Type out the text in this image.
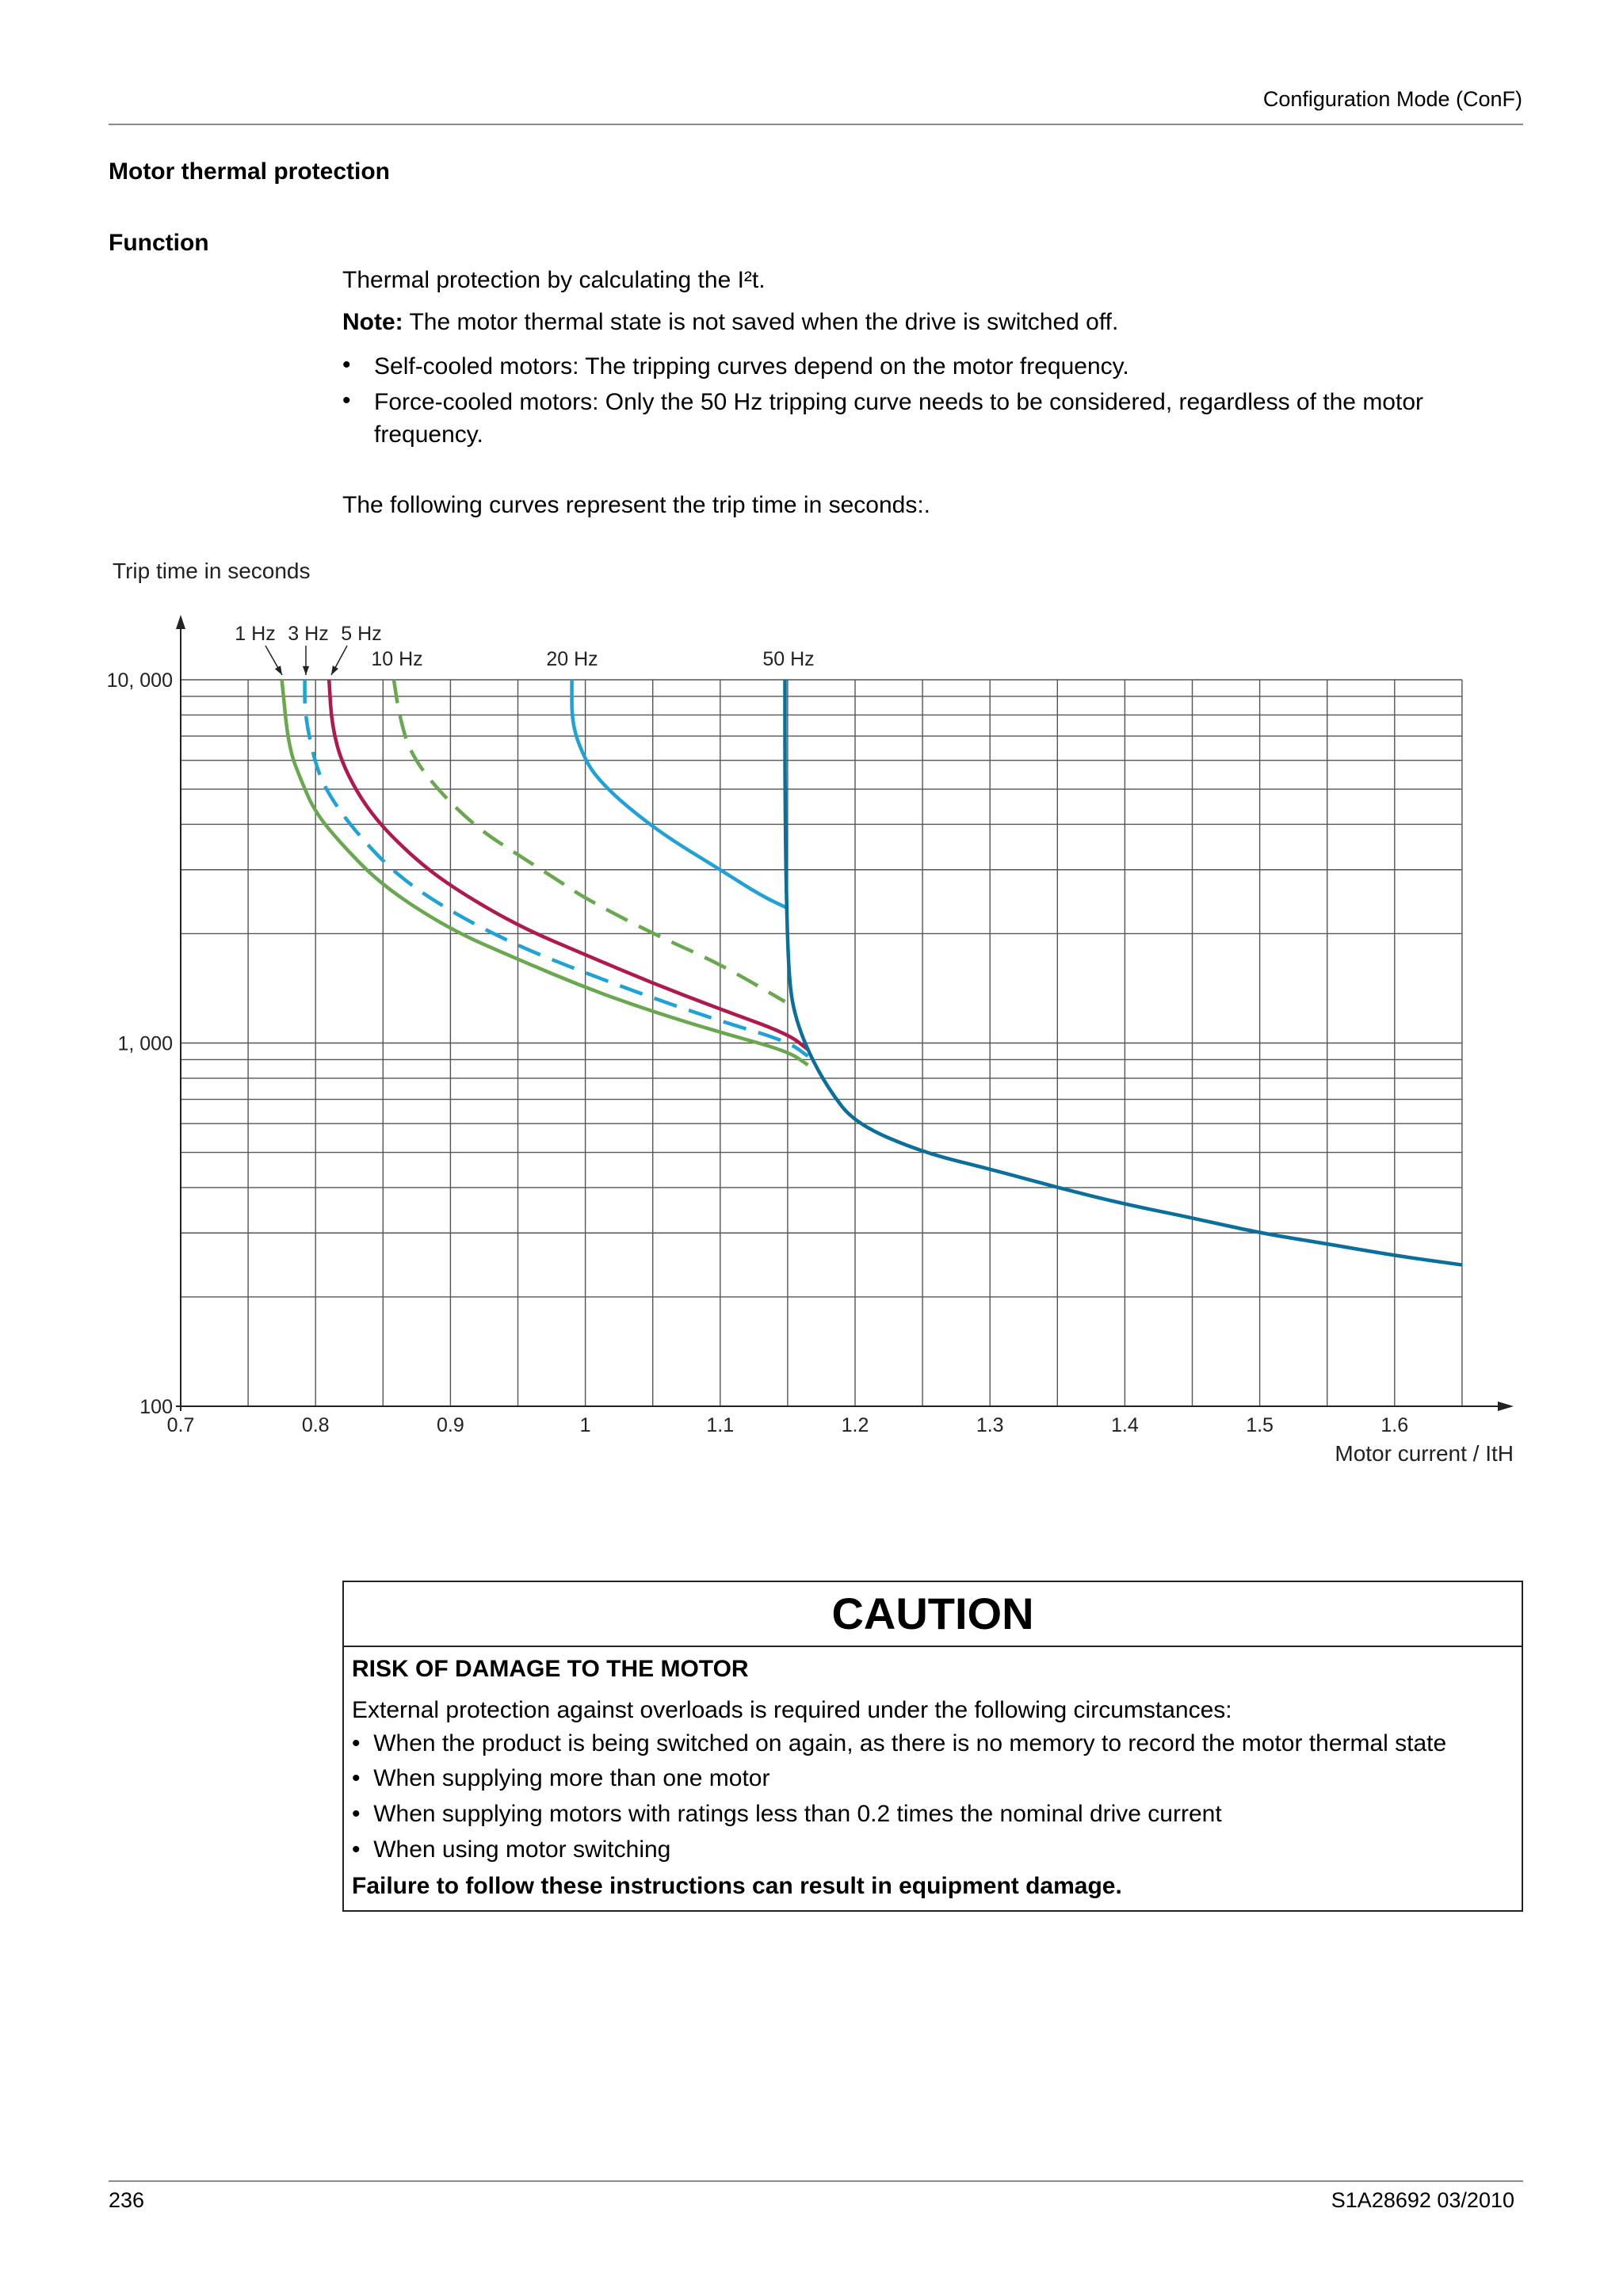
Configuration Mode (ConF)
Motor thermal protection
Function
Thermal protection by calculating the I²t.
Note: The motor thermal state is not saved when the drive is switched off.
• Self-cooled motors: The tripping curves depend on the motor frequency.
• Force-cooled motors: Only the 50 Hz tripping curve needs to be considered, regardless of the motor
frequency.
The following curves represent the trip time in seconds:.
Trip time in seconds
0.7	0.8	0.9	1	1.1	1.2	1.3	1.4	1.5	1.6
100
1, 000
10, 000
1 Hz 3 Hz 5 Hz
10 Hz	20 Hz	50 Hz
Motor current / ItH
CAUTION
RISK OF DAMAGE TO THE MOTOR
External protection against overloads is required under the following circumstances:
• When the product is being switched on again, as there is no memory to record the motor thermal state
• When supplying more than one motor
• When supplying motors with ratings less than 0.2 times the nominal drive current
• When using motor switching
Failure to follow these instructions can result in equipment damage.
236	S1A28692 03/2010
